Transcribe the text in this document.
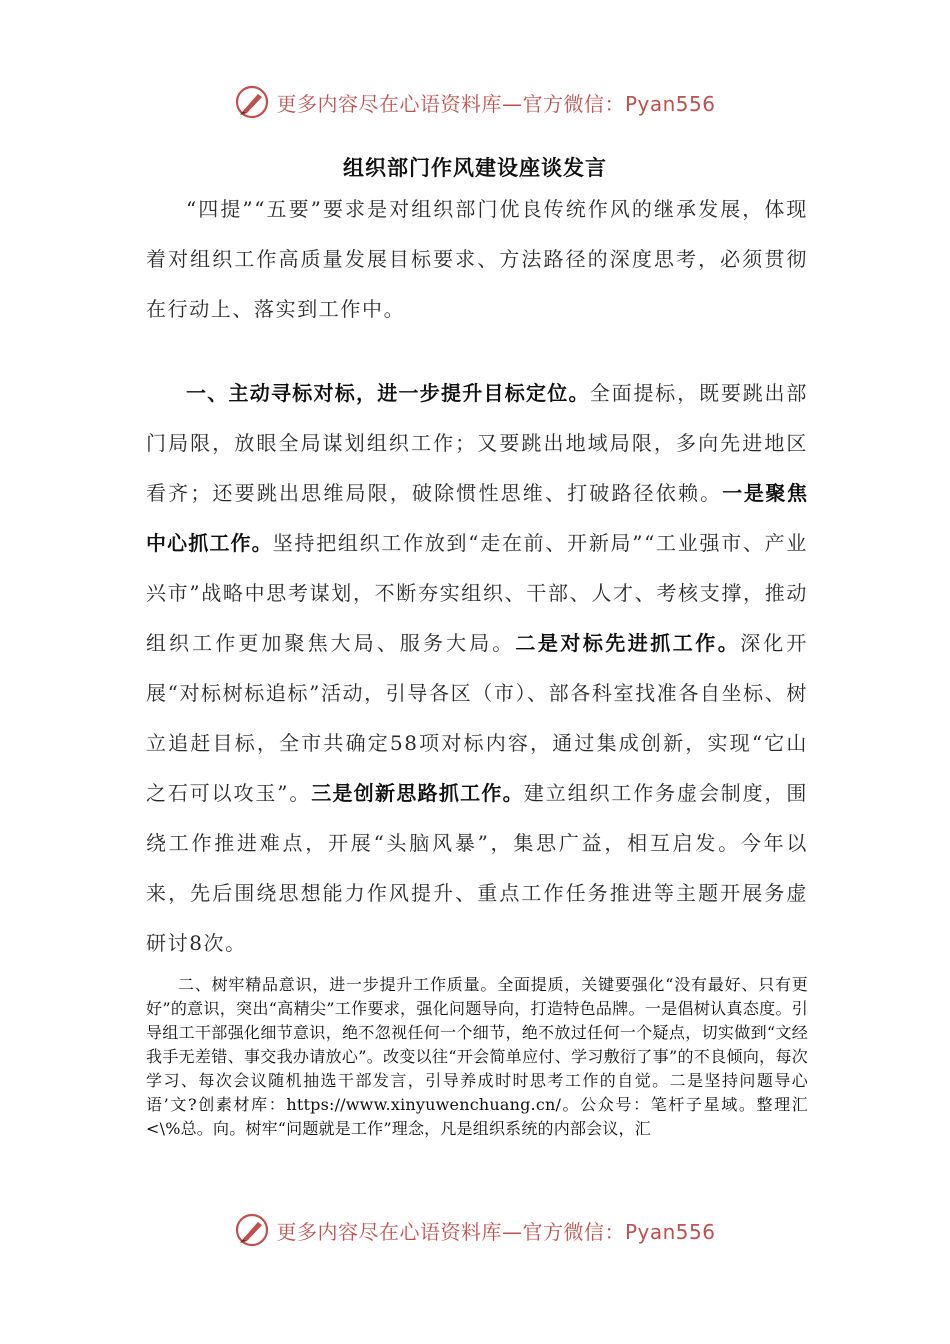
更多内容尽在心语资料库—官方微信：Pyan556
组织部门作风建设座谈发言

“四提”“五要”要求是对组织部门优良传统作风的继承发展，体现着对组织工作高质量发展目标要求、方法路径的深度思考，必须贯彻在行动上、落实到工作中。

一、主动寻标对标，进一步提升目标定位。全面提标，既要跳出部门局限，放眼全局谋划组织工作；又要跳出地域局限，多向先进地区看齐；还要跳出思维局限，破除惯性思维、打破路径依赖。一是聚焦中心抓工作。坚持把组织工作放到“走在前、开新局”“工业强市、产业兴市”战略中思考谋划，不断夯实组织、干部、人才、考核支撑，推动组织工作更加聚焦大局、服务大局。二是对标先进抓工作。深化开展“对标树标追标”活动，引导各区（市）、部各科室找准各自坐标、树立追赶目标，全市共确定58项对标内容，通过集成创新，实现“它山之石可以攻玉”。三是创新思路抓工作。建立组织工作务虚会制度，围绕工作推进难点，开展“头脑风暴”，集思广益，相互启发。今年以来，先后围绕思想能力作风提升、重点工作任务推进等主题开展务虚研讨8次。

二、树牢精品意识，进一步提升工作质量。全面提质，关键要强化“没有最好、只有更好”的意识，突出“高精尖”工作要求，强化问题导向，打造特色品牌。一是倡树认真态度。引导组工干部强化细节意识，绝不忽视任何一个细节，绝不放过任何一个疑点，切实做到“文经我手无差错、事交我办请放心”。改变以往“开会简单应付、学习敷衍了事”的不良倾向，每次学习、每次会议随机抽选干部发言，引导养成时时思考工作的自觉。二是坚持问题导心语’文?创素材库：https://www.xinyuwenchuang.cn/。公众号：笔杆子星域。整理汇<\%总。向。树牢“问题就是工作”理念，凡是组织系统的内部会议，汇

更多内容尽在心语资料库—官方微信：Pyan556
